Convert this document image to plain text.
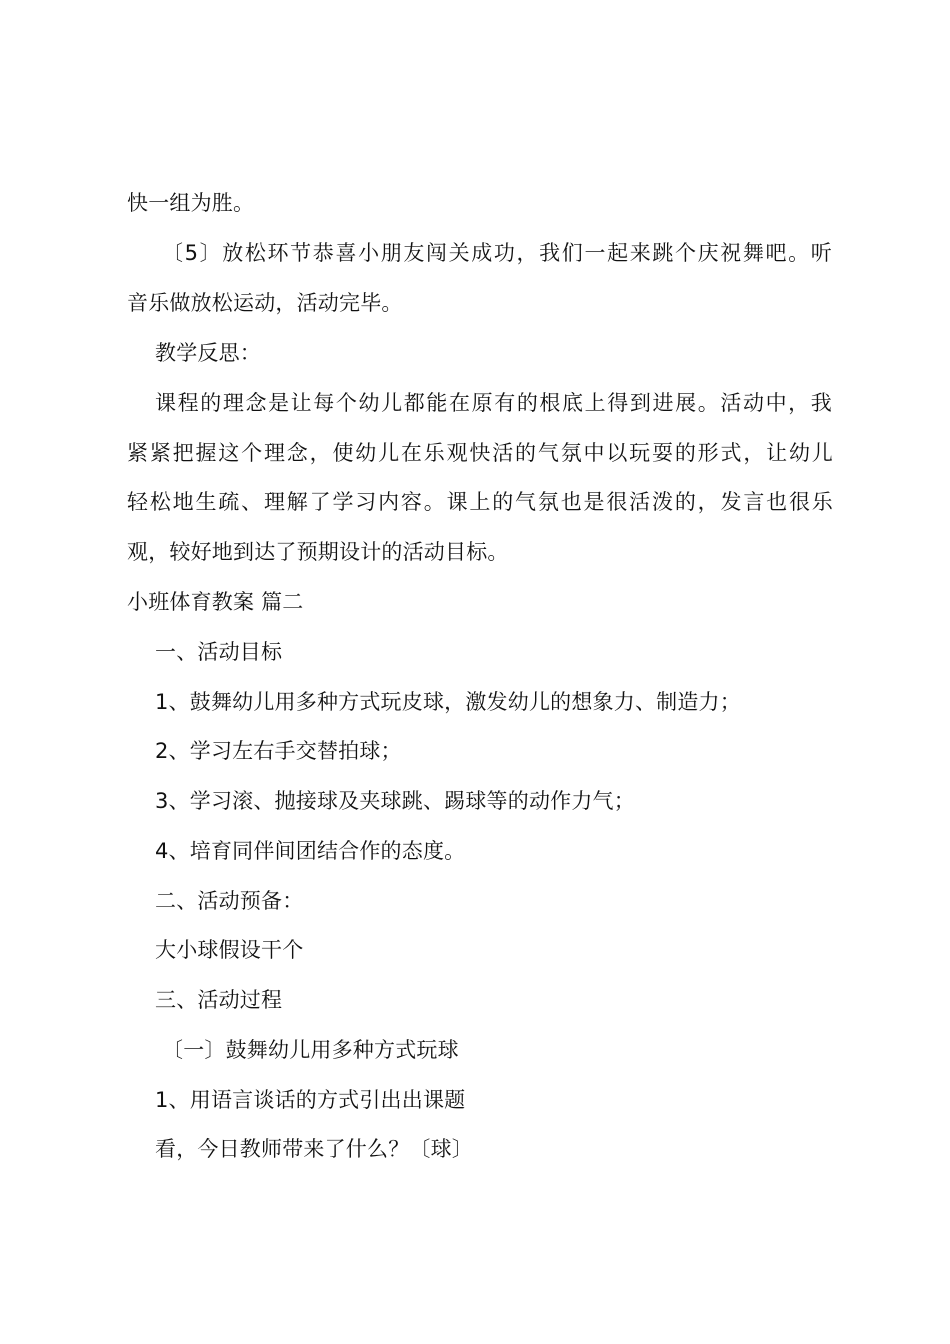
快一组为胜。
〔5〕放松环节恭喜小朋友闯关成功，我们一起来跳个庆祝舞吧。听
音乐做放松运动，活动完毕。
教学反思：
课程的理念是让每个幼儿都能在原有的根底上得到进展。活动中，我
紧紧把握这个理念，使幼儿在乐观快活的气氛中以玩耍的形式，让幼儿
轻松地生疏、理解了学习内容。课上的气氛也是很活泼的，发言也很乐
观，较好地到达了预期设计的活动目标。
小班体育教案 篇二
一、活动目标
1、鼓舞幼儿用多种方式玩皮球，激发幼儿的想象力、制造力；
2、学习左右手交替拍球；
3、学习滚、抛接球及夹球跳、踢球等的动作力气；
4、培育同伴间团结合作的态度。
二、活动预备：
大小球假设干个
三、活动过程
〔一〕鼓舞幼儿用多种方式玩球
1、用语言谈话的方式引出出课题
看，今日教师带来了什么？〔球〕
